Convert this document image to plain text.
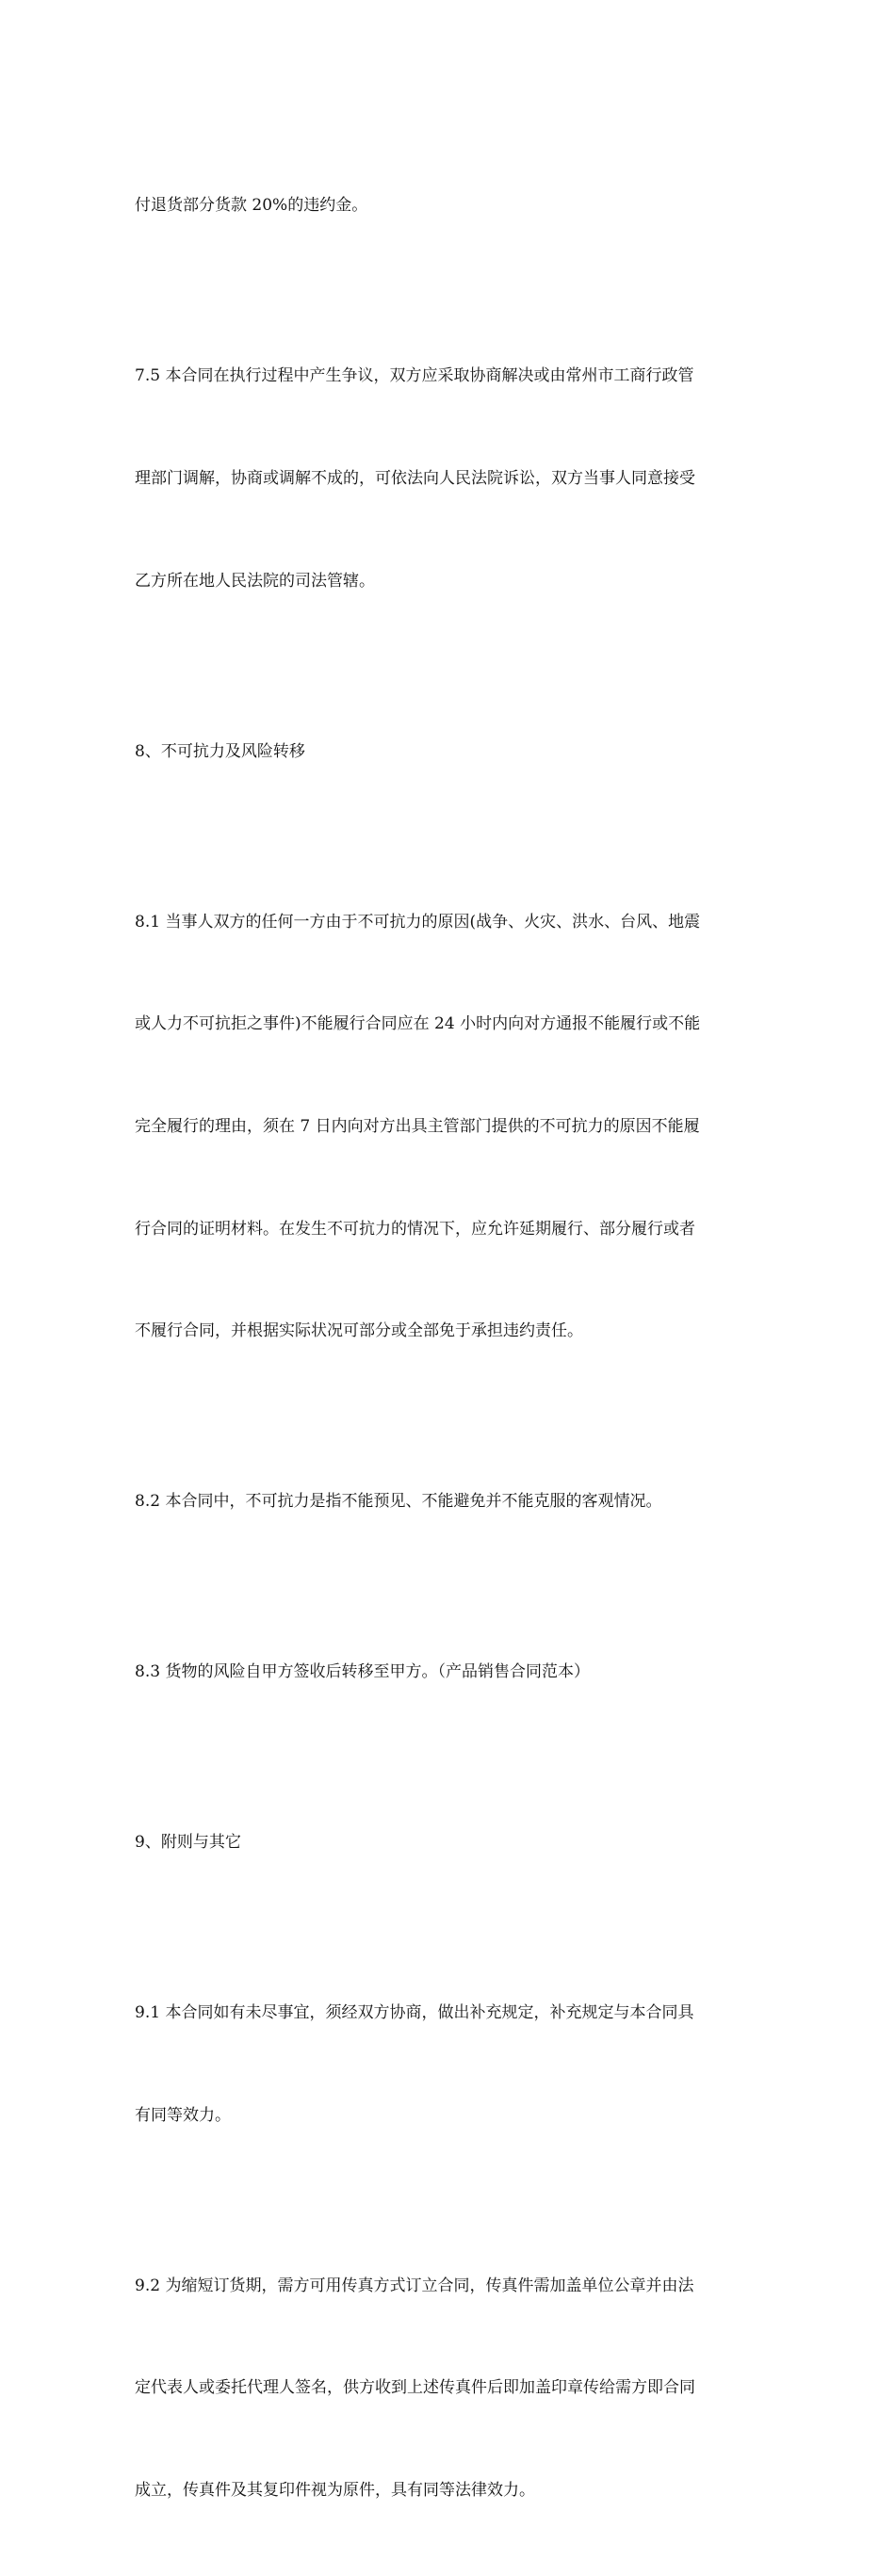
付退货部分货款 20%的违约金。

7.5 本合同在执行过程中产生争议，双方应采取协商解决或由常州市工商行政管

理部门调解，协商或调解不成的，可依法向人民法院诉讼，双方当事人同意接受

乙方所在地人民法院的司法管辖。

8、不可抗力及风险转移

8.1 当事人双方的任何一方由于不可抗力的原因(战争、火灾、洪水、台风、地震

或人力不可抗拒之事件)不能履行合同应在 24 小时内向对方通报不能履行或不能

完全履行的理由，须在 7 日内向对方出具主管部门提供的不可抗力的原因不能履

行合同的证明材料。在发生不可抗力的情况下，应允许延期履行、部分履行或者

不履行合同，并根据实际状况可部分或全部免于承担违约责任。

8.2 本合同中，不可抗力是指不能预见、不能避免并不能克服的客观情况。

8.3 货物的风险自甲方签收后转移至甲方。（产品销售合同范本）

9、附则与其它

9.1 本合同如有未尽事宜，须经双方协商，做出补充规定，补充规定与本合同具

有同等效力。

9.2 为缩短订货期，需方可用传真方式订立合同，传真件需加盖单位公章并由法

定代表人或委托代理人签名，供方收到上述传真件后即加盖印章传给需方即合同

成立，传真件及其复印件视为原件，具有同等法律效力。
